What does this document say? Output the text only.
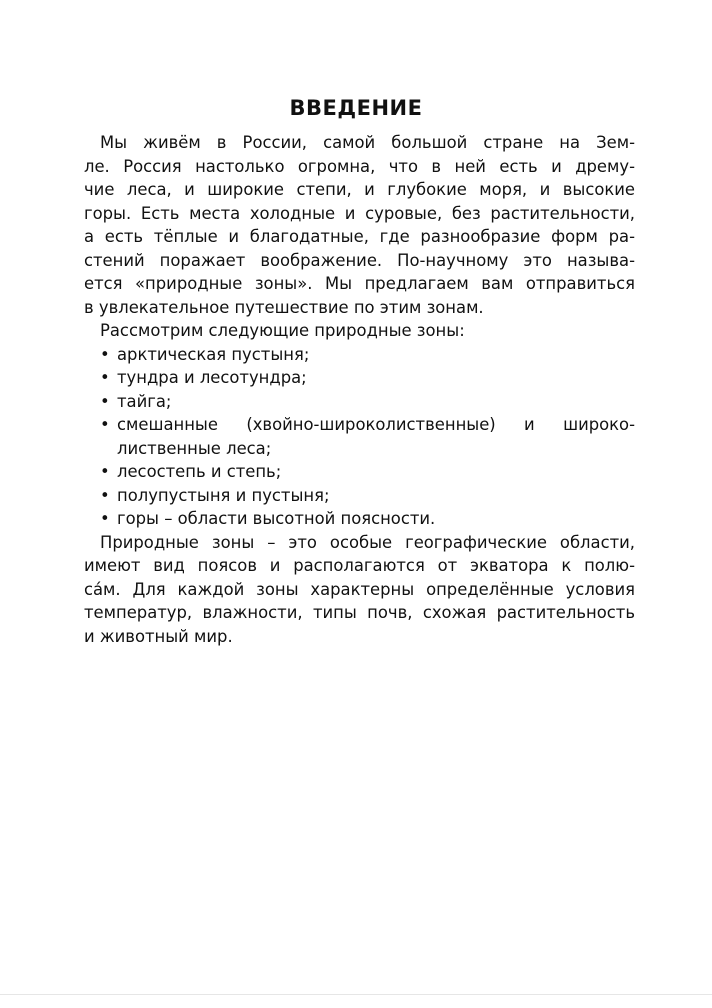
ВВЕДЕНИЕ
Мы живём в России, самой большой стране на Зем-
ле. Россия настолько огромна, что в ней есть и дрему-
чие леса, и широкие степи, и глубокие моря, и высокие
горы. Есть места холодные и суровые, без растительности,
а есть тёплые и благодатные, где разнообразие форм ра-
стений поражает воображение. По-научному это называ-
ется «природные зоны». Мы предлагаем вам отправиться
в увлекательное путешествие по этим зонам.
Рассмотрим следующие природные зоны:
• арктическая пустыня;
• тундра и лесотундра;
• тайга;
• смешанные (хвойно-широколиственные) и широко-
лиственные леса;
• лесостепь и степь;
• полупустыня и пустыня;
• горы – области высотной поясности.
Природные зоны – это особые географические области,
имеют вид поясов и располагаются от экватора к полю-
са́м. Для каждой зоны характерны определённые условия
температур, влажности, типы почв, схожая растительность
и животный мир.
